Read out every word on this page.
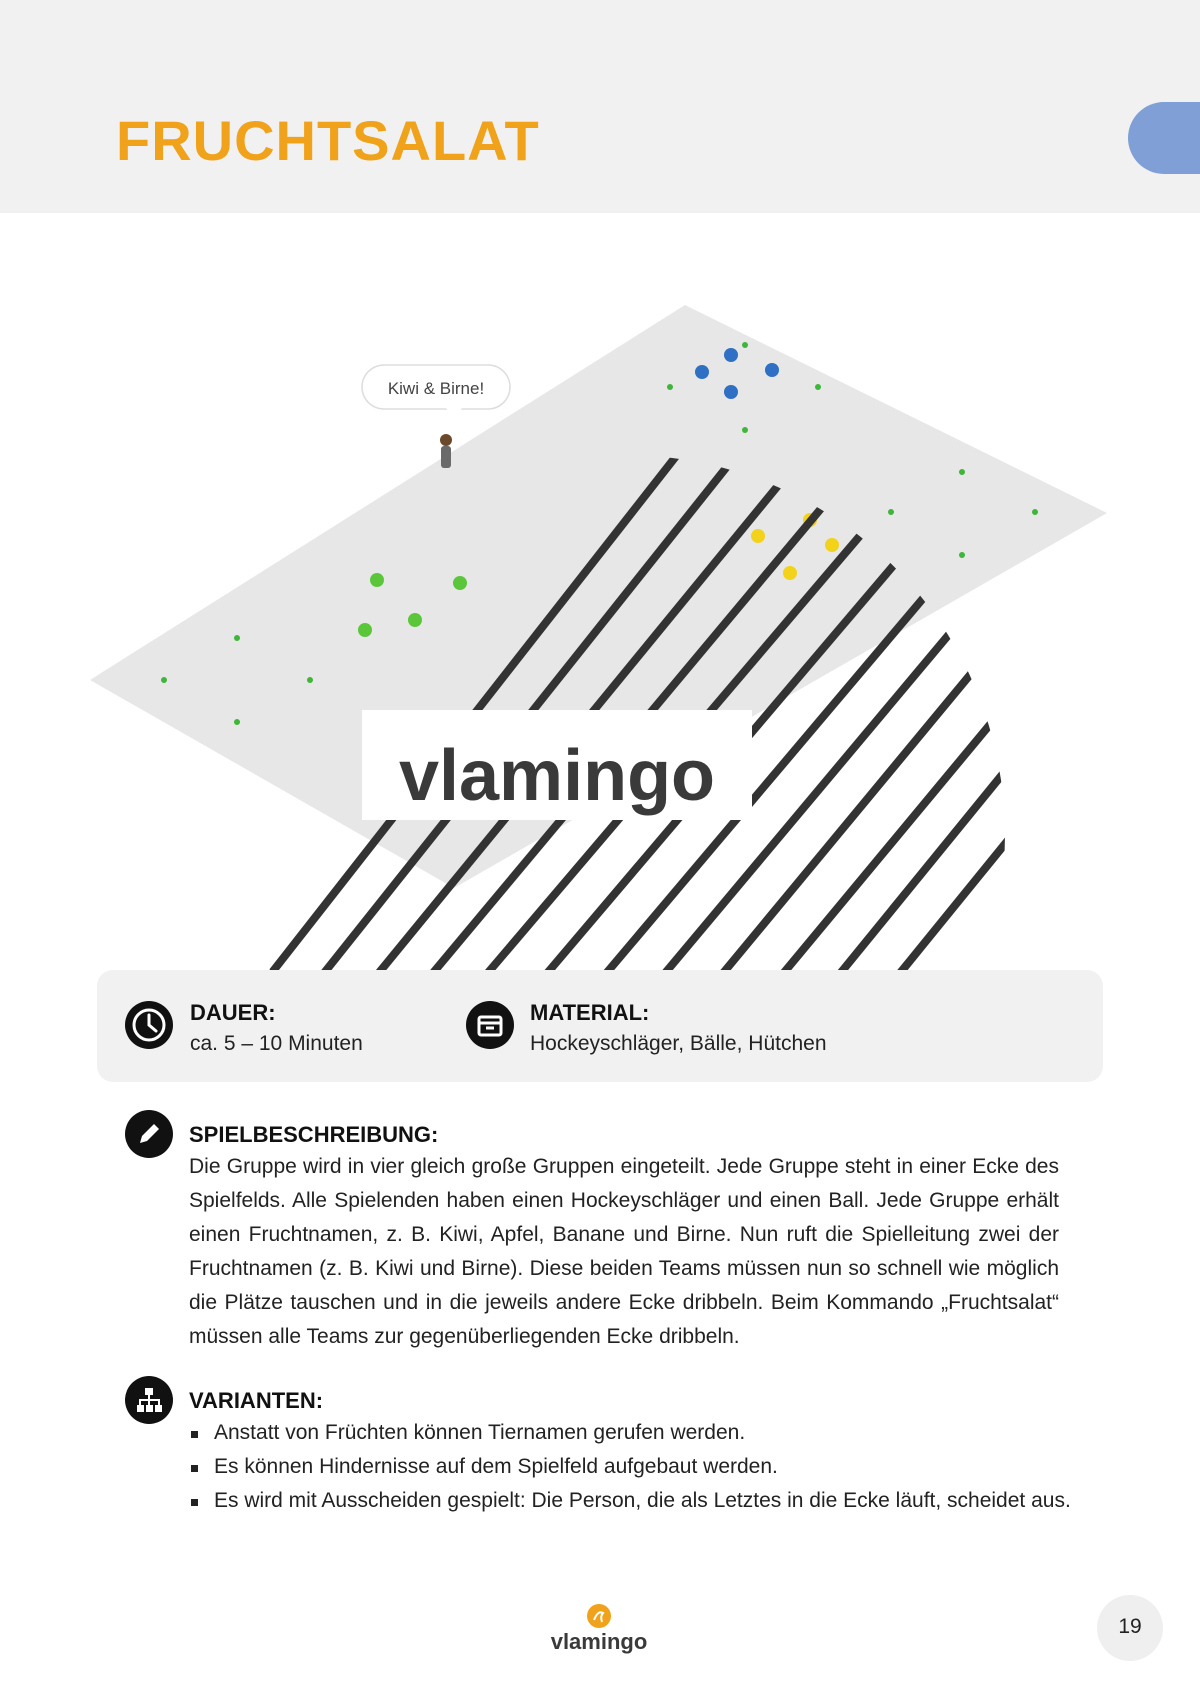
FRUCHTSALAT
Kiwi & Birne!
vlamingo
DAUER:
ca. 5 – 10 Minuten
MATERIAL:
Hockeyschläger, Bälle, Hütchen
SPIELBESCHREIBUNG:

Die Gruppe wird in vier gleich große Gruppen eingeteilt. Jede Gruppe steht in einer Ecke des Spielfelds. Alle Spielenden haben einen Hockeyschläger und einen Ball. Jede Gruppe erhält einen Fruchtnamen, z. B. Kiwi, Apfel, Banane und Birne. Nun ruft die Spielleitung zwei der Fruchtnamen (z. B. Kiwi und Birne). Diese beiden Teams müssen nun so schnell wie möglich die Plätze tauschen und in die jeweils andere Ecke dribbeln. Beim Kommando „Fruchtsalat“ müssen alle Teams zur gegenüberliegenden Ecke dribbeln.

VARIANTEN:
Anstatt von Früchten können Tiernamen gerufen werden.
Es können Hindernisse auf dem Spielfeld aufgebaut werden.
Es wird mit Ausscheiden gespielt: Die Person, die als Letztes in die Ecke läuft, scheidet aus.
vlamingo
19
